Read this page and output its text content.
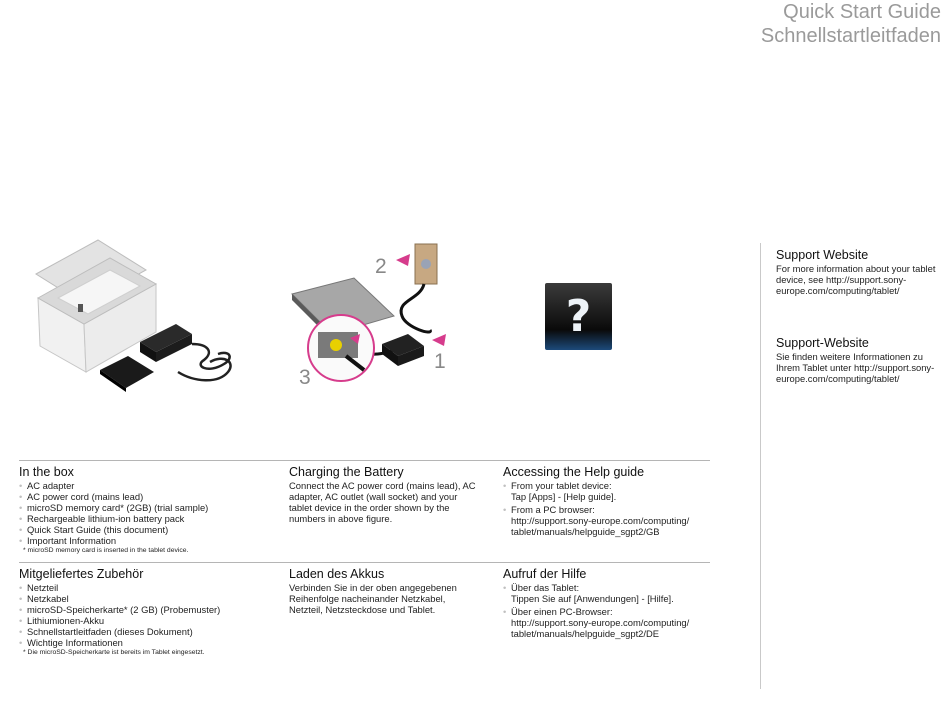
Quick Start Guide
Schnellstartleitfaden
2
1
3
?
Support Website
For more information about your tablet device, see http://support.sony-europe.com/computing/tablet/
Support-Website
Sie finden weitere Informationen zu Ihrem Tablet unter http://support.sony-europe.com/computing/tablet/
In the box
• AC adapter
• AC power cord (mains lead)
• microSD memory card* (2GB) (trial sample)
• Rechargeable lithium-ion battery pack
• Quick Start Guide (this document)
• Important Information
* microSD memory card is inserted in the tablet device.
Charging the Battery
Connect the AC power cord (mains lead), AC adapter, AC outlet (wall socket) and your tablet device in the order shown by the numbers in above figure.
Accessing the Help guide
• From your tablet device:
Tap [Apps] - [Help guide].
• From a PC browser:
http://support.sony-europe.com/computing/
tablet/manuals/helpguide_sgpt2/GB
Mitgeliefertes Zubehör
• Netzteil
• Netzkabel
• microSD-Speicherkarte* (2 GB) (Probemuster)
• Lithiumionen-Akku
• Schnellstartleitfaden (dieses Dokument)
• Wichtige Informationen
* Die microSD-Speicherkarte ist bereits im Tablet eingesetzt.
Laden des Akkus
Verbinden Sie in der oben angegebenen Reihenfolge nacheinander Netzkabel, Netzteil, Netzsteckdose und Tablet.
Aufruf der Hilfe
• Über das Tablet:
Tippen Sie auf [Anwendungen] - [Hilfe].
• Über einen PC-Browser:
http://support.sony-europe.com/computing/
tablet/manuals/helpguide_sgpt2/DE
